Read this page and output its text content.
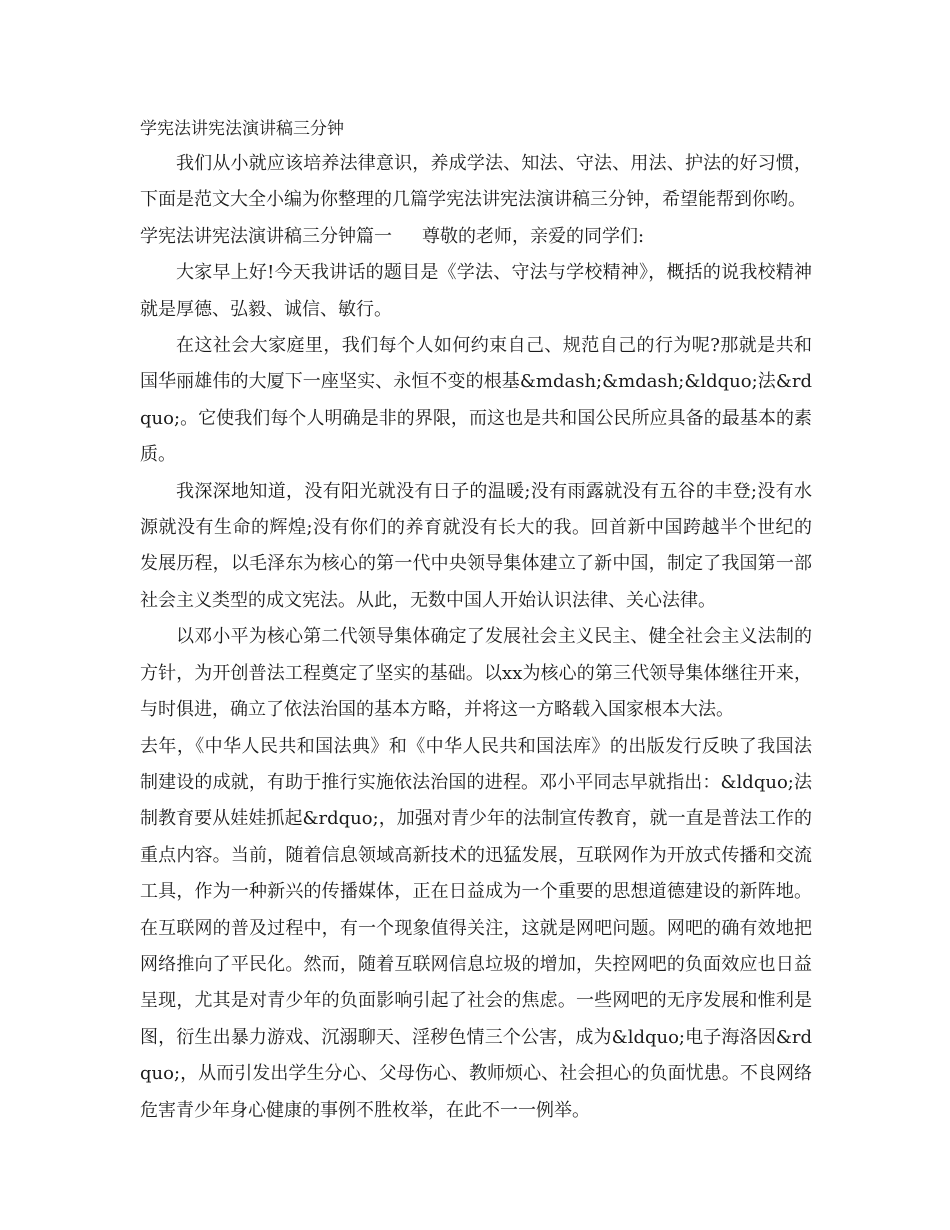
学宪法讲宪法演讲稿三分钟

我们从小就应该培养法律意识，养成学法、知法、守法、用法、护法的好习惯，下面是范文大全小编为你整理的几篇学宪法讲宪法演讲稿三分钟，希望能帮到你哟。

学宪法讲宪法演讲稿三分钟篇一 尊敬的老师，亲爱的同学们:

大家早上好!今天我讲话的题目是《学法、守法与学校精神》，概括的说我校精神就是厚德、弘毅、诚信、敏行。

在这社会大家庭里，我们每个人如何约束自己、规范自己的行为呢?那就是共和国华丽雄伟的大厦下一座坚实、永恒不变的根基&mdash;&mdash;&ldquo;法&rdquo;。它使我们每个人明确是非的界限，而这也是共和国公民所应具备的最基本的素质。

我深深地知道，没有阳光就没有日子的温暖;没有雨露就没有五谷的丰登;没有水源就没有生命的辉煌;没有你们的养育就没有长大的我。回首新中国跨越半个世纪的发展历程，以毛泽东为核心的第一代中央领导集体建立了新中国，制定了我国第一部社会主义类型的成文宪法。从此，无数中国人开始认识法律、关心法律。

以邓小平为核心第二代领导集体确定了发展社会主义民主、健全社会主义法制的方针，为开创普法工程奠定了坚实的基础。以xx为核心的第三代领导集体继往开来，与时俱进，确立了依法治国的基本方略，并将这一方略载入国家根本大法。

去年，《中华人民共和国法典》和《中华人民共和国法库》的出版发行反映了我国法制建设的成就，有助于推行实施依法治国的进程。邓小平同志早就指出：&ldquo;法制教育要从娃娃抓起&rdquo;，加强对青少年的法制宣传教育，就一直是普法工作的重点内容。当前，随着信息领域高新技术的迅猛发展，互联网作为开放式传播和交流工具，作为一种新兴的传播媒体，正在日益成为一个重要的思想道德建设的新阵地。在互联网的普及过程中，有一个现象值得关注，这就是网吧问题。网吧的确有效地把网络推向了平民化。然而，随着互联网信息垃圾的增加，失控网吧的负面效应也日益呈现，尤其是对青少年的负面影响引起了社会的焦虑。一些网吧的无序发展和惟利是图，衍生出暴力游戏、沉溺聊天、淫秽色情三个公害，成为&ldquo;电子海洛因&rdquo;，从而引发出学生分心、父母伤心、教师烦心、社会担心的负面忧患。不良网络危害青少年身心健康的事例不胜枚举，在此不一一例举。
